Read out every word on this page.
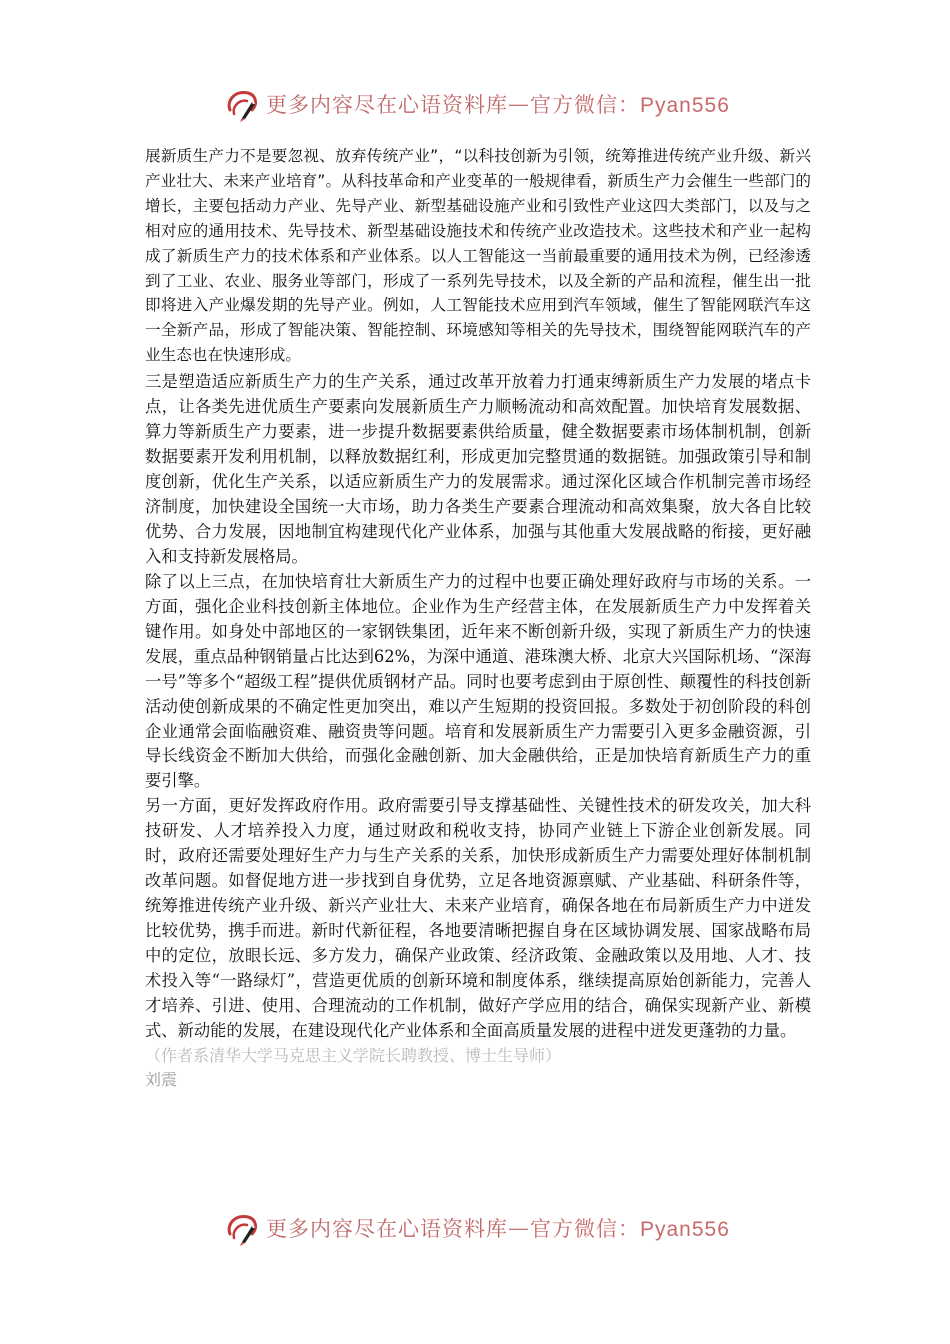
更多内容尽在心语资料库 — 官方微信：Pyan556

展新质生产力不是要忽视、放弃传统产业”，“以科技创新为引领，统筹推进传统产业升级、新兴产业壮大、未来产业培育”。从科技革命和产业变革的一般规律看，新质生产力会催生一些部门的增长，主要包括动力产业、先导产业、新型基础设施产业和引致性产业这四大类部门，以及与之相对应的通用技术、先导技术、新型基础设施技术和传统产业改造技术。这些技术和产业一起构成了新质生产力的技术体系和产业体系。以人工智能这一当前最重要的通用技术为例，已经渗透到了工业、农业、服务业等部门，形成了一系列先导技术，以及全新的产品和流程，催生出一批即将进入产业爆发期的先导产业。例如，人工智能技术应用到汽车领域，催生了智能网联汽车这一全新产品，形成了智能决策、智能控制、环境感知等相关的先导技术，围绕智能网联汽车的产业生态也在快速形成。

三是塑造适应新质生产力的生产关系，通过改革开放着力打通束缚新质生产力发展的堵点卡点，让各类先进优质生产要素向发展新质生产力顺畅流动和高效配置。加快培育发展数据、算力等新质生产力要素，进一步提升数据要素供给质量，健全数据要素市场体制机制，创新数据要素开发利用机制，以释放数据红利，形成更加完整贯通的数据链。加强政策引导和制度创新，优化生产关系，以适应新质生产力的发展需求。通过深化区域合作机制完善市场经济制度，加快建设全国统一大市场，助力各类生产要素合理流动和高效集聚，放大各自比较优势、合力发展，因地制宜构建现代化产业体系，加强与其他重大发展战略的衔接，更好融入和支持新发展格局。

除了以上三点，在加快培育壮大新质生产力的过程中也要正确处理好政府与市场的关系。一方面，强化企业科技创新主体地位。企业作为生产经营主体，在发展新质生产力中发挥着关键作用。如身处中部地区的一家钢铁集团，近年来不断创新升级，实现了新质生产力的快速发展，重点品种钢销量占比达到62%，为深中通道、港珠澳大桥、北京大兴国际机场、“深海一号”等多个“超级工程”提供优质钢材产品。同时也要考虑到由于原创性、颠覆性的科技创新活动使创新成果的不确定性更加突出，难以产生短期的投资回报。多数处于初创阶段的科创企业通常会面临融资难、融资贵等问题。培育和发展新质生产力需要引入更多金融资源，引导长线资金不断加大供给，而强化金融创新、加大金融供给，正是加快培育新质生产力的重要引擎。

另一方面，更好发挥政府作用。政府需要引导支撑基础性、关键性技术的研发攻关，加大科技研发、人才培养投入力度，通过财政和税收支持，协同产业链上下游企业创新发展。同时，政府还需要处理好生产力与生产关系的关系，加快形成新质生产力需要处理好体制机制改革问题。如督促地方进一步找到自身优势，立足各地资源禀赋、产业基础、科研条件等，统筹推进传统产业升级、新兴产业壮大、未来产业培育，确保各地在布局新质生产力中迸发比较优势，携手而进。新时代新征程，各地要清晰把握自身在区域协调发展、国家战略布局中的定位，放眼长远、多方发力，确保产业政策、经济政策、金融政策以及用地、人才、技术投入等“一路绿灯”，营造更优质的创新环境和制度体系，继续提高原始创新能力，完善人才培养、引进、使用、合理流动的工作机制，做好产学应用的结合，确保实现新产业、新模式、新动能的发展，在建设现代化产业体系和全面高质量发展的进程中迸发更蓬勃的力量。

（作者系清华大学马克思主义学院长聘教授、博士生导师）

刘震

更多内容尽在心语资料库 — 官方微信：Pyan556
